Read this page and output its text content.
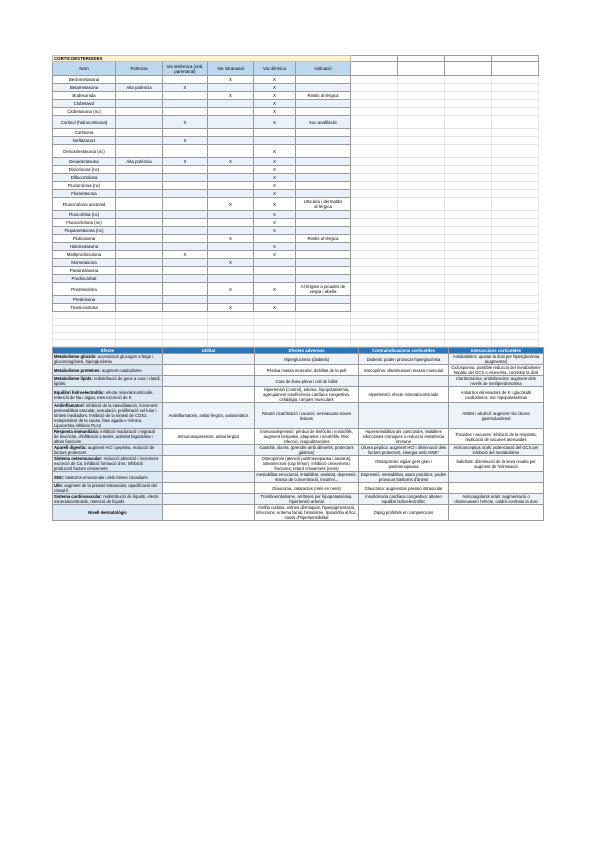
CORTICOESTEROIDES									
Nom	Potència	Via sistèmica (oral, parenteral)	Via intranasal	Via dèrmica	Indicació				
Beclometasona			X	X					
Betametasona	Alta potència	X		X					
Budesonida			X	X	Rinitis al·lèrgica				
Clobetasol				X					
Clobetasona (nc)				X					
Cortisol (hidrocortisona)		X		X	Xoc anafilàctic				
Cortisona									
Deflazacort		X							
Desoximetasona (nc)				X					
Dexametasona	Alta potència	X	X	X					
Diclorisona (nc)				X					
Diflucortolona				X					
Fluclorolona (nc)				X					
Flumetasona				X					
Fluocinolona acetonid			X	X	Urticària i dermatitis al·lèrgica				
Fluocortina (nc)				X					
Fluocortolona (nc)				X					
Flupametasona (nc)				X					
Fluticasona			X		Rinitis al·lèrgica				
Halometasona				X					
Metilprednisolona		X		X					
Mometasona			X						
Parametasona									
Prednicarbat									
Prednisolona			X	X	Al·lèrgies a picades de vespa i abella				
Prednisona									
Triamcinolona			X	X					

Efecte	Utilitat	Efectes adversos	Contraindicacions corticoïdes	Interaccions corticoïdes
Metabolisme glúcids: acumulació glucogen a fetge i gluconeogènesi, hiperglucèmia		Hiperglucèmia (diabetis)	Diabetis: poden provocar hiperglucèmia	Antidiabètics: ajustar la dosi per hiperglucèmia (augmentar)
Metabolisme proteïnes: augment catabolisme		Pèrdua massa muscular, debilitat de la pell	Sarcopènia: disminueixen massa muscular	Ciclosporina: possible reducció del metabolisme hepàtic del GCS o viceversa, controlar la dosi
Metabolisme lípids: redistribució de greix a cara i clatell, lipòlisi		Cara de lluna plena i coll de búfal		Claritromicina, antiinfamcins: augment dels nivells de metilprednisolona
Equilibri hidroelectrolític: efecte mineralocorticoide, retenció de Na i aigua, més excreció de K		Hipertensió (control), edema, hipopotassèmia, agreujament insuficiència cardíaca congestiva, cefalàlgia, rampes musculars	Hipertensió: efecte mineralocorticoide	Antiàrtics eliminadors de K i glucòsids cardiotònics: risc hipopotassèmia
Antiinflamatori: inhibició de la vasodilatació, increment permeabilitat vascular, exsudació, proliferació cel·lular i síntesi mediadors. Inhibició de la síntesi de COX2. Independent de la causa, fase aguda o crònica. Lipocortina inhibeix PLA2	Antiinflamatoris, antial·lèrgics, antiasmàtics	Retard cicatrització i curació, emmascara noves lesions		AINEs i alcohol: augment risc úlcera gastroduodenal
Resposta immunitària: inhibició maduració i migració de leucòcits, d'infiltració a teixits, activitat fagocitària i altres funcions	Immunosupressors, antial·lèrgics	Immunodepressió: pèrdua de limfòcits i eosinòfils, augment hematies, plaquetes i neutròfils. Risc infecció, reaguditzacions	Hipersensibilitat als corticoïdes. Malalties infeccioses cròniques o reducció resistència immune	Toxoides i vacunes: inhibició de la resposta, replicació de vacunes atenuades
Aparell digestiu: augment HCl i pepsina, reducció de factors protectors		Gastritis, úlcera, (prendre amb aliments, protectors gàstrics)	Úlcera pèptica: augment HCl i disminució dels factors protectors, sinergia amb AINE*	Anticonceptius orals: potenciació del GCS per inhibició del metabolisme
Sistema osteomuscular: reducció absorció i increment excreció de Ca, inhibició formació d'os. Inhibició producció factors creixement.		Osteoporosi (atenció postmenopausa i ancians), osteonecrosi (cap fèmur), inhibició creixement i fractures, retard creixement (nens)	Osteoporosi: vigilar gent gran i postmenopausa	Salicilats: disminució de la seva revalia per augment de l'eliminació
SNC: trastorns emocionals i dels ritmes circadiaris		Inestabilitat emocional, irritabilitat, ansietat, depressió, manca de concentració, insomni...	Depressió, inestabilitat, atacs psicòtics: poden provocar trastorns d'ànims	
Ulls: augment de la pressió intraocular, opacificació del cristal·lí		Glaucoma, cataractes (més en nens)	Glaucoma: augmentan pressió intraocular	
Sistema cardiovascular: redistribució de líquids, efecte mineralocorticoide, retenció de líquids		Tromboembolisme, arrítmies per hipopotassèmia, hipertensió arterial	Insuficiència cardíaca congestiva: alteren equilibri hidroelectrolític	Anticoagulants orals: augmentació o disminueixen l'efecte, caldrà controlar la dosi
Nivell dermatològic		Atròfia cutània, estries dèrmiques, hiperpigmentació, infeccions, eritema facial, hirsutisme, lipoatròfia al lloc, casos d'hipersensibilitat	Dipúg prohibits en competicions	
